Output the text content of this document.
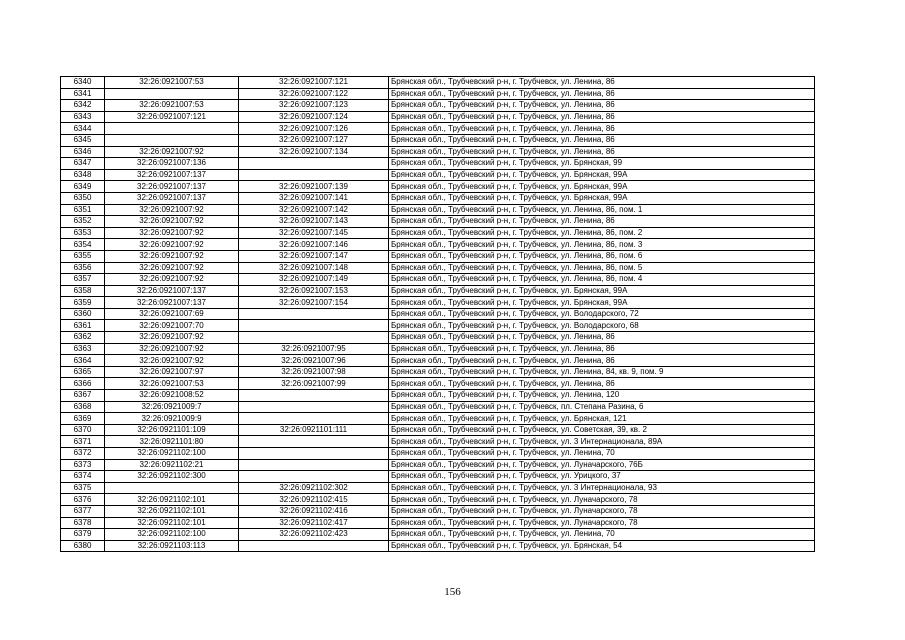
6340	32:26:0921007:53	32:26:0921007:121	Брянская обл., Трубчевский р-н, г. Трубчевск, ул. Ленина, 86
6341		32:26:0921007:122	Брянская обл., Трубчевский р-н, г. Трубчевск, ул. Ленина, 86
6342	32:26:0921007:53	32:26:0921007:123	Брянская обл., Трубчевский р-н, г. Трубчевск, ул. Ленина, 86
6343	32:26:0921007:121	32:26:0921007:124	Брянская обл., Трубчевский р-н, г. Трубчевск, ул. Ленина, 86
6344		32:26:0921007:126	Брянская обл., Трубчевский р-н, г. Трубчевск, ул. Ленина, 86
6345		32:26:0921007:127	Брянская обл., Трубчевский р-н, г. Трубчевск, ул. Ленина, 86
6346	32:26:0921007:92	32:26:0921007:134	Брянская обл., Трубчевский р-н, г. Трубчевск, ул. Ленина, 86
6347	32:26:0921007:136		Брянская обл., Трубчевский р-н, г. Трубчевск, ул. Брянская, 99
6348	32:26:0921007:137		Брянская обл., Трубчевский р-н, г. Трубчевск, ул. Брянская, 99А
6349	32:26:0921007:137	32:26:0921007:139	Брянская обл., Трубчевский р-н, г. Трубчевск, ул. Брянская, 99А
6350	32:26:0921007:137	32:26:0921007:141	Брянская обл., Трубчевский р-н, г. Трубчевск, ул. Брянская, 99А
6351	32:26:0921007:92	32:26:0921007:142	Брянская обл., Трубчевский р-н, г. Трубчевск, ул. Ленина, 86, пом. 1
6352	32:26:0921007:92	32:26:0921007:143	Брянская обл., Трубчевский р-н, г. Трубчевск, ул. Ленина, 86
6353	32:26:0921007:92	32:26:0921007:145	Брянская обл., Трубчевский р-н, г. Трубчевск, ул. Ленина, 86, пом. 2
6354	32:26:0921007:92	32:26:0921007:146	Брянская обл., Трубчевский р-н, г. Трубчевск, ул. Ленина, 86, пом. 3
6355	32:26:0921007:92	32:26:0921007:147	Брянская обл., Трубчевский р-н, г. Трубчевск, ул. Ленина, 86, пом. 6
6356	32:26:0921007:92	32:26:0921007:148	Брянская обл., Трубчевский р-н, г. Трубчевск, ул. Ленина, 86, пом. 5
6357	32:26:0921007:92	32:26:0921007:149	Брянская обл., Трубчевский р-н, г. Трубчевск, ул. Ленина, 86, пом. 4
6358	32:26:0921007:137	32:26:0921007:153	Брянская обл., Трубчевский р-н, г. Трубчевск, ул. Брянская, 99А
6359	32:26:0921007:137	32:26:0921007:154	Брянская обл., Трубчевский р-н, г. Трубчевск, ул. Брянская, 99А
6360	32:26:0921007:69		Брянская обл., Трубчевский р-н, г. Трубчевск, ул. Володарского, 72
6361	32:26:0921007:70		Брянская обл., Трубчевский р-н, г. Трубчевск, ул. Володарского, 68
6362	32:26:0921007:92		Брянская обл., Трубчевский р-н, г. Трубчевск, ул. Ленина, 86
6363	32:26:0921007:92	32:26:0921007:95	Брянская обл., Трубчевский р-н, г. Трубчевск, ул. Ленина, 86
6364	32:26:0921007:92	32:26:0921007:96	Брянская обл., Трубчевский р-н, г. Трубчевск, ул. Ленина, 86
6365	32:26:0921007:97	32:26:0921007:98	Брянская обл., Трубчевский р-н, г. Трубчевск, ул. Ленина, 84, кв. 9, пом. 9
6366	32:26:0921007:53	32:26:0921007:99	Брянская обл., Трубчевский р-н, г. Трубчевск, ул. Ленина, 86
6367	32:26:0921008:52		Брянская обл., Трубчевский р-н, г. Трубчевск, ул. Ленина, 120
6368	32:26:0921009:7		Брянская обл., Трубчевский р-н, г. Трубчевск, пл. Степана Разина, 6
6369	32:26:0921009:9		Брянская обл., Трубчевский р-н, г. Трубчевск, ул. Брянская, 121
6370	32:26:0921101:109	32:26:0921101:111	Брянская обл., Трубчевский р-н, г. Трубчевск, ул. Советская, 39, кв. 2
6371	32:26:0921101:80		Брянская обл., Трубчевский р-н, г. Трубчевск, ул. 3 Интернационала, 89А
6372	32:26:0921102:100		Брянская обл., Трубчевский р-н, г. Трубчевск, ул. Ленина, 70
6373	32:26:0921102:21		Брянская обл., Трубчевский р-н, г. Трубчевск, ул. Луначарского, 76Б
6374	32:26:0921102:300		Брянская обл., Трубчевский р-н, г. Трубчевск, ул. Урицкого, 37
6375		32:26:0921102:302	Брянская обл., Трубчевский р-н, г. Трубчевск, ул. 3 Интернационала, 93
6376	32:26:0921102:101	32:26:0921102:415	Брянская обл., Трубчевский р-н, г. Трубчевск, ул. Луначарского, 78
6377	32:26:0921102:101	32:26:0921102:416	Брянская обл., Трубчевский р-н, г. Трубчевск, ул. Луначарского, 78
6378	32:26:0921102:101	32:26:0921102:417	Брянская обл., Трубчевский р-н, г. Трубчевск, ул. Луначарского, 78
6379	32:26:0921102:100	32:26:0921102:423	Брянская обл., Трубчевский р-н, г. Трубчевск, ул. Ленина, 70
6380	32:26:0921103:113		Брянская обл., Трубчевский р-н, г. Трубчевск, ул. Брянская, 54
156
